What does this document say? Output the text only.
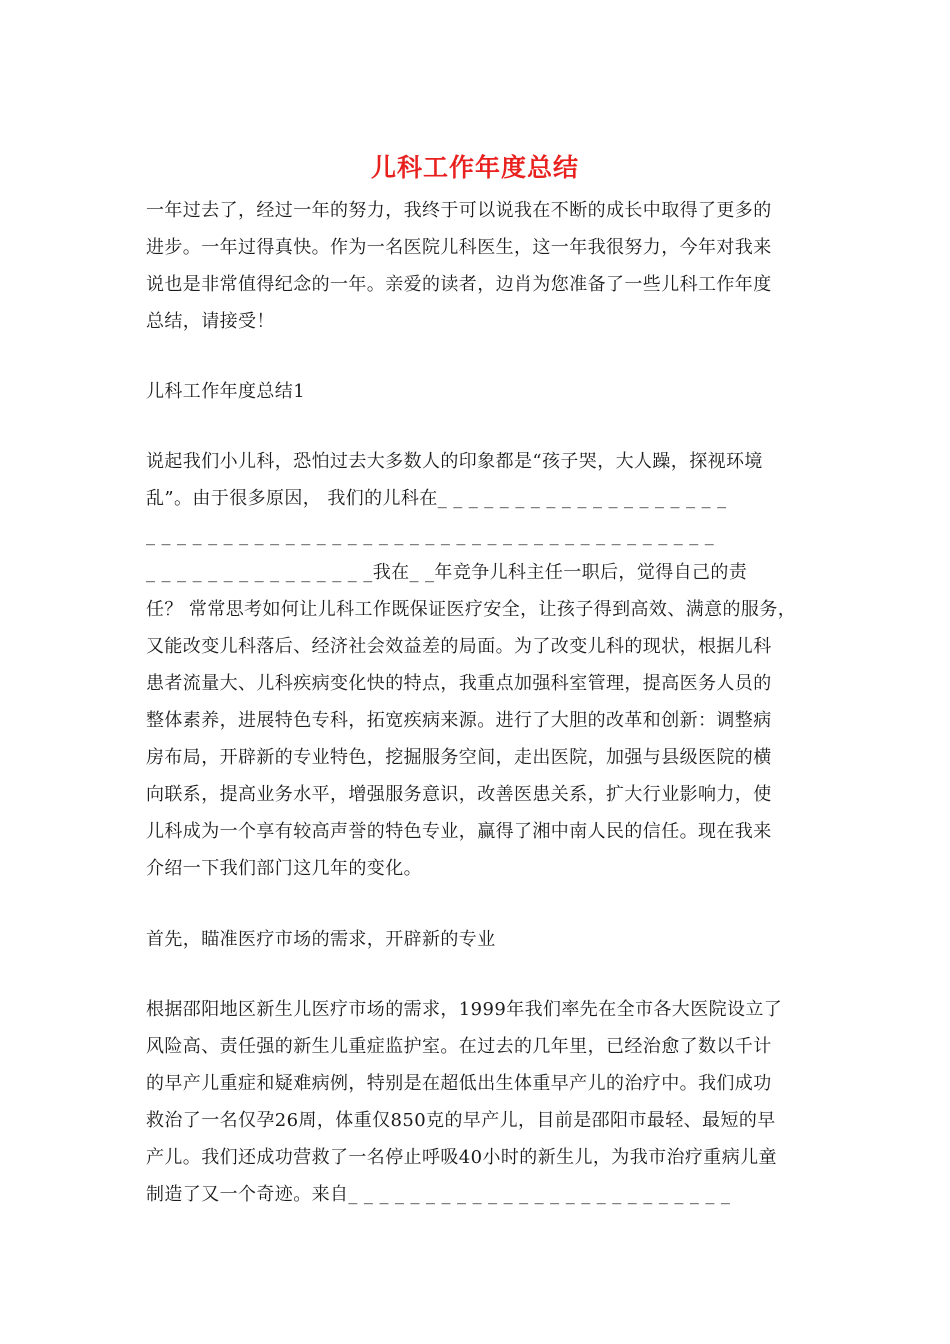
儿科工作年度总结
一年过去了，经过一年的努力，我终于可以说我在不断的成长中取得了更多的
进步。一年过得真快。作为一名医院儿科医生，这一年我很努力，今年对我来
说也是非常值得纪念的一年。亲爱的读者，边肖为您准备了一些儿科工作年度
总结，请接受！
儿科工作年度总结1
说起我们小儿科，恐怕过去大多数人的印象都是“孩子哭，大人躁，探视环境
乱”。由于很多原因， 我们的儿科在_ _ _ _ _ _ _ _ _ _ _ _ _ _ _ _ _ _ _
_ _ _ _ _ _ _ _ _ _ _ _ _ _ _ _ _ _ _ _ _ _ _ _ _ _ _ _ _ _ _ _ _ _ _ _ _
_ _ _ _ _ _ _ _ _ _ _ _ _ _ _我在_ _年竞争儿科主任一职后，觉得自己的责
任？ 常常思考如何让儿科工作既保证医疗安全，让孩子得到高效、满意的服务，
又能改变儿科落后、经济社会效益差的局面。为了改变儿科的现状，根据儿科
患者流量大、儿科疾病变化快的特点，我重点加强科室管理，提高医务人员的
整体素养，进展特色专科，拓宽疾病来源。进行了大胆的改革和创新：调整病
房布局，开辟新的专业特色，挖掘服务空间，走出医院，加强与县级医院的横
向联系，提高业务水平，增强服务意识，改善医患关系，扩大行业影响力，使
儿科成为一个享有较高声誉的特色专业，赢得了湘中南人民的信任。现在我来
介绍一下我们部门这几年的变化。
首先，瞄准医疗市场的需求，开辟新的专业
根据邵阳地区新生儿医疗市场的需求，1999年我们率先在全市各大医院设立了
风险高、责任强的新生儿重症监护室。在过去的几年里，已经治愈了数以千计
的早产儿重症和疑难病例，特别是在超低出生体重早产儿的治疗中。我们成功
救治了一名仅孕26周，体重仅850克的早产儿，目前是邵阳市最轻、最短的早
产儿。我们还成功营救了一名停止呼吸40小时的新生儿，为我市治疗重病儿童
制造了又一个奇迹。来自_ _ _ _ _ _ _ _ _ _ _ _ _ _ _ _ _ _ _ _ _ _ _ _ _
